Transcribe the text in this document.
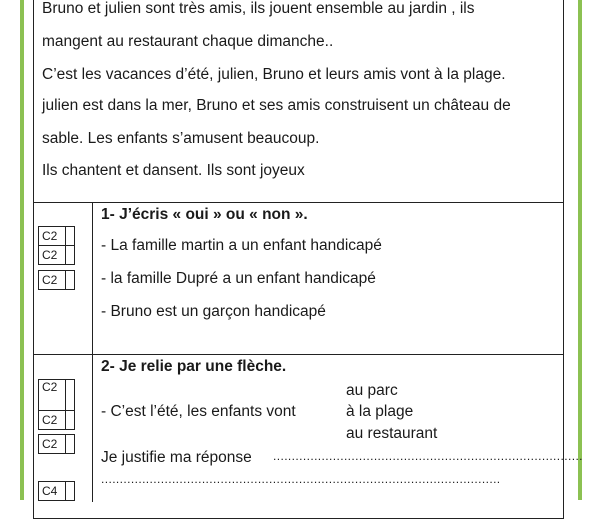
Bruno et julien sont très amis, ils jouent ensemble au jardin , ils
mangent au restaurant chaque dimanche..
C’est les vacances d’été, julien, Bruno et leurs amis vont à la plage.
julien est dans la mer, Bruno et ses amis construisent un château de
sable. Les enfants s’amusent beaucoup.
Ils chantent et dansent. Ils sont joyeux
C2	
C2	
C2	
1- J’écris « oui » ou « non ».
- La famille martin a un enfant handicapé
- la famille Dupré a un enfant handicapé
- Bruno est un garçon handicapé
C2	
C2	
C2	
C4	
2- Je relie par une flèche.
au parc
- C’est l’été, les enfants vont	à la plage
au restaurant
Je justifie ma réponse ...................................................................................
...........................................................................................................
